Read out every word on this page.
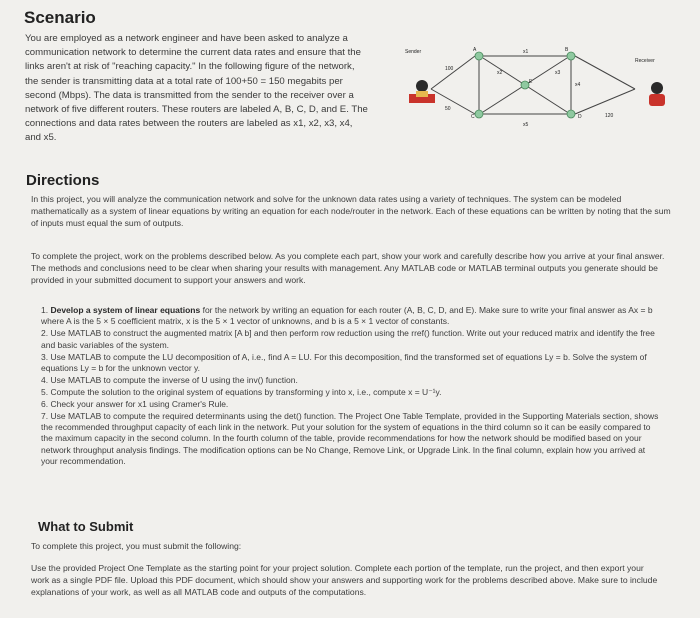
Scenario
You are employed as a network engineer and have been asked to analyze a communication network to determine the current data rates and ensure that the links aren't at risk of "reaching capacity." In the following figure of the network, the sender is transmitting data at a total rate of 100+50 = 150 megabits per second (Mbps). The data is transmitted from the sender to the receiver over a network of five different routers. These routers are labeled A, B, C, D, and E. The connections and data rates between the routers are labeled as x1, x2, x3, x4, and x5.
Sender
Receiver
100
50
120
A	B
C	D
E
x1
x2	x3
x4
x5
Directions
In this project, you will analyze the communication network and solve for the unknown data rates using a variety of techniques. The system can be modeled mathematically as a system of linear equations by writing an equation for each node/router in the network. Each of these equations can be written by noting that the sum of inputs must equal the sum of outputs.
To complete the project, work on the problems described below. As you complete each part, show your work and carefully describe how you arrive at your final answer. The methods and conclusions need to be clear when sharing your results with management. Any MATLAB code or MATLAB terminal outputs you generate should be provided in your submitted document to support your answers and work.
1. Develop a system of linear equations for the network by writing an equation for each router (A, B, C, D, and E). Make sure to write your final answer as Ax = b where A is the 5 × 5 coefficient matrix, x is the 5 × 1 vector of unknowns, and b is a 5 × 1 vector of constants.
2. Use MATLAB to construct the augmented matrix [A b] and then perform row reduction using the rref() function. Write out your reduced matrix and identify the free and basic variables of the system.
3. Use MATLAB to compute the LU decomposition of A, i.e., find A = LU. For this decomposition, find the transformed set of equations Ly = b. Solve the system of equations Ly = b for the unknown vector y.
4. Use MATLAB to compute the inverse of U using the inv() function.
5. Compute the solution to the original system of equations by transforming y into x, i.e., compute x = U⁻¹y.
6. Check your answer for x1 using Cramer's Rule.
7. Use MATLAB to compute the required determinants using the det() function. The Project One Table Template, provided in the Supporting Materials section, shows the recommended throughput capacity of each link in the network. Put your solution for the system of equations in the third column so it can be easily compared to the maximum capacity in the second column. In the fourth column of the table, provide recommendations for how the network should be modified based on your network throughput analysis findings. The modification options can be No Change, Remove Link, or Upgrade Link. In the final column, explain how you arrived at your recommendation.
What to Submit
To complete this project, you must submit the following:
Use the provided Project One Template as the starting point for your project solution. Complete each portion of the template, run the project, and then export your work as a single PDF file. Upload this PDF document, which should show your answers and supporting work for the problems described above. Make sure to include explanations of your work, as well as all MATLAB code and outputs of the computations.
